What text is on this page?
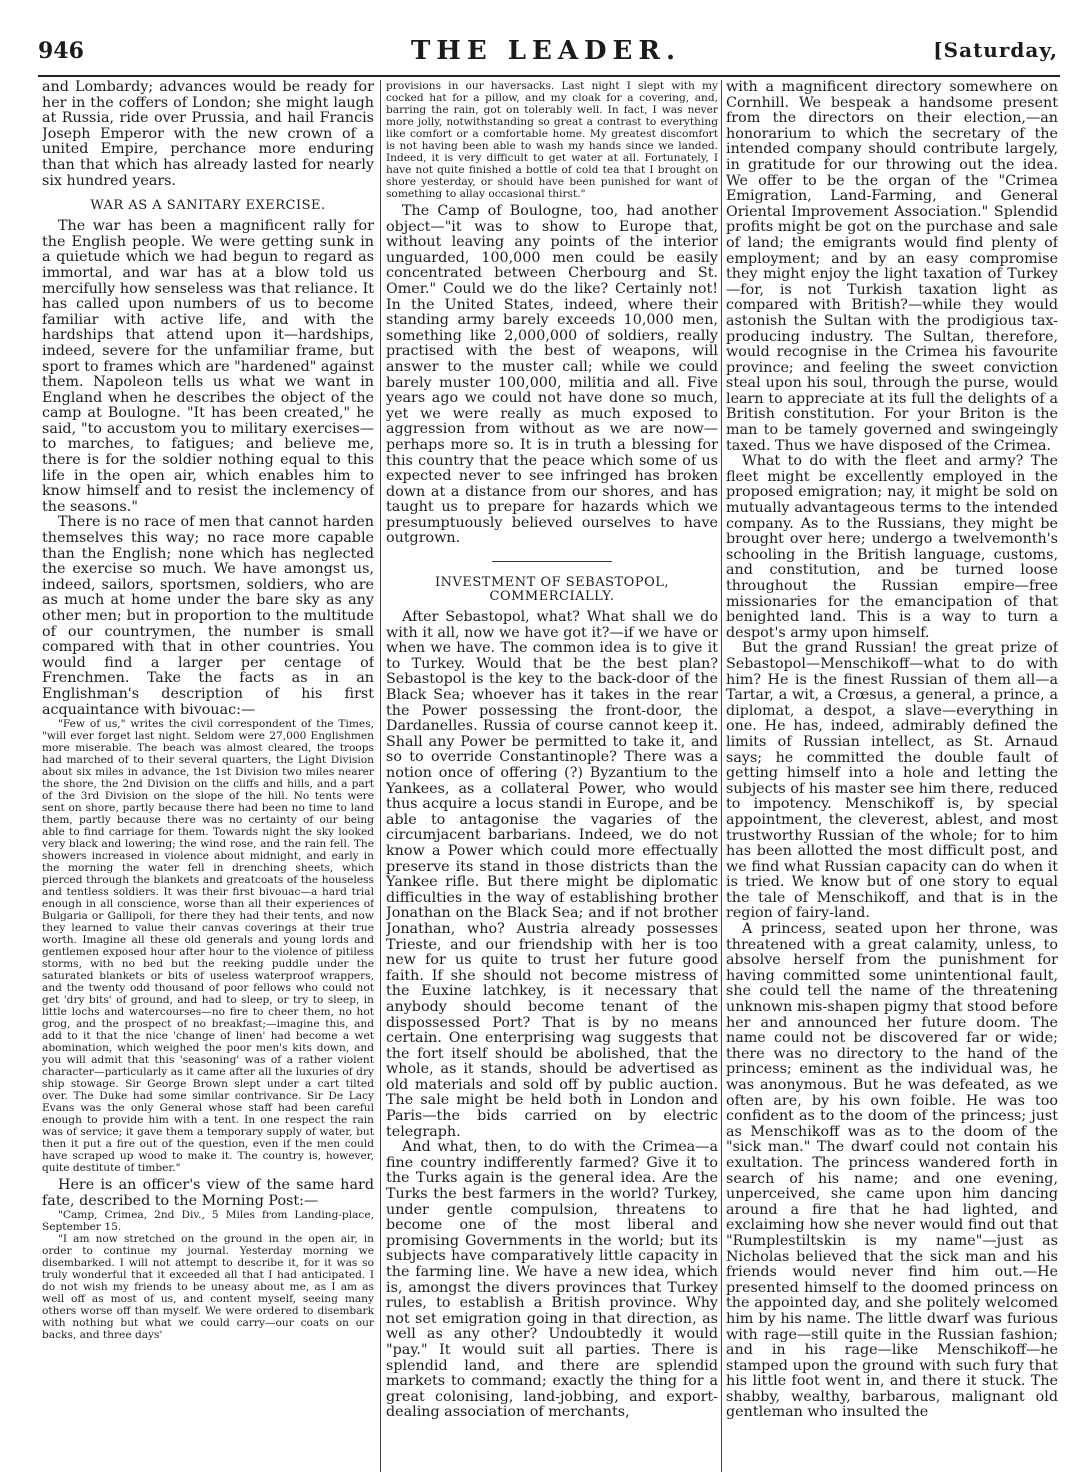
946	THE LEADER.	[Saturday,

and Lombardy; advances would be ready for her in the coffers of London; she might laugh at Russia, ride over Prussia, and hail Francis Joseph Emperor with the new crown of a united Empire, perchance more enduring than that which has already lasted for nearly six hundred years.

WAR AS A SANITARY EXERCISE.

The war has been a magnificent rally for the English people. We were getting sunk in a quietude which we had begun to regard as immortal, and war has at a blow told us mercifully how senseless was that reliance. It has called upon numbers of us to become familiar with active life, and with the hardships that attend upon it—hardships, indeed, severe for the unfamiliar frame, but sport to frames which are "hardened" against them. Napoleon tells us what we want in England when he describes the object of the camp at Boulogne. "It has been created," he said, "to accustom you to military exercises—to marches, to fatigues; and believe me, there is for the soldier nothing equal to this life in the open air, which enables him to know himself and to resist the inclemency of the seasons."

There is no race of men that cannot harden themselves this way; no race more capable than the English; none which has neglected the exercise so much. We have amongst us, indeed, sailors, sportsmen, soldiers, who are as much at home under the bare sky as any other men; but in proportion to the multitude of our countrymen, the number is small compared with that in other countries. You would find a larger per centage of Frenchmen. Take the facts as in an Englishman's description of his first acquaintance with bivouac:—

"Few of us," writes the civil correspondent of the Times, "will ever forget last night. Seldom were 27,000 Englishmen more miserable. The beach was almost cleared, the troops had marched of to their several quarters, the Light Division about six miles in advance, the 1st Division two miles nearer the shore, the 2nd Division on the cliffs and hills, and a part of the 3rd Division on the slope of the hill. No tents were sent on shore, partly because there had been no time to land them, partly because there was no certainty of our being able to find carriage for them. Towards night the sky looked very black and lowering; the wind rose, and the rain fell. The showers increased in violence about midnight, and early in the morning the water fell in drenching sheets, which pierced through the blankets and greatcoats of the houseless and tentless soldiers. It was their first bivouac—a hard trial enough in all conscience, worse than all their experiences of Bulgaria or Gallipoli, for there they had their tents, and now they learned to value their canvas coverings at their true worth. Imagine all these old generals and young lords and gentlemen exposed hour after hour to the violence of pitiless storms, with no bed but the reeking puddle under the saturated blankets or bits of useless waterproof wrappers, and the twenty odd thousand of poor fellows who could not get 'dry bits' of ground, and had to sleep, or try to sleep, in little lochs and watercourses—no fire to cheer them, no hot grog, and the prospect of no breakfast;—imagine this, and add to it that the nice 'change of linen' had become a wet abomination, which weighed the poor men's kits down, and you will admit that this 'seasoning' was of a rather violent character—particularly as it came after all the luxuries of dry ship stowage. Sir George Brown slept under a cart tilted over. The Duke had some similar contrivance. Sir De Lacy Evans was the only General whose staff had been careful enough to provide him with a tent. In one respect the rain was of service; it gave them a temporary supply of water, but then it put a fire out of the question, even if the men could have scraped up wood to make it. The country is, however, quite destitute of timber."

Here is an officer's view of the same hard fate, described to the Morning Post:—

"Camp, Crimea, 2nd Div., 5 Miles from Landing-place, September 15.

"I am now stretched on the ground in the open air, in order to continue my journal. Yesterday morning we disembarked. I will not attempt to describe it, for it was so truly wonderful that it exceeded all that I had anticipated. I do not wish my friends to be uneasy about me, as I am as well off as most of us, and content myself, seeing many others worse off than myself. We were ordered to disembark with nothing but what we could carry—our coats on our backs, and three days'

provisions in our haversacks. Last night I slept with my cocked hat for a pillow, and my cloak for a covering, and, barring the rain, got on tolerably well. In fact, I was never more jolly, notwithstanding so great a contrast to everything like comfort or a comfortable home. My greatest discomfort is not having been able to wash my hands since we landed. Indeed, it is very difficult to get water at all. Fortunately, I have not quite finished a bottle of cold tea that I brought on shore yesterday, or should have been punished for want of something to allay occasional thirst."

The Camp of Boulogne, too, had another object—"it was to show to Europe that, without leaving any points of the interior unguarded, 100,000 men could be easily concentrated between Cherbourg and St. Omer." Could we do the like? Certainly not! In the United States, indeed, where their standing army barely exceeds 10,000 men, something like 2,000,000 of soldiers, really practised with the best of weapons, will answer to the muster call; while we could barely muster 100,000, militia and all. Five years ago we could not have done so much, yet we were really as much exposed to aggression from without as we are now—perhaps more so. It is in truth a blessing for this country that the peace which some of us expected never to see infringed has broken down at a distance from our shores, and has taught us to prepare for hazards which we presumptuously believed ourselves to have outgrown.

INVESTMENT OF SEBASTOPOL, COMMERCIALLY.

After Sebastopol, what? What shall we do with it all, now we have got it?—if we have or when we have. The common idea is to give it to Turkey. Would that be the best plan? Sebastopol is the key to the back-door of the Black Sea; whoever has it takes in the rear the Power possessing the front-door, the Dardanelles. Russia of course cannot keep it. Shall any Power be permitted to take it, and so to override Constantinople? There was a notion once of offering (?) Byzantium to the Yankees, as a collateral Power, who would thus acquire a locus standi in Europe, and be able to antagonise the vagaries of the circumjacent barbarians. Indeed, we do not know a Power which could more effectually preserve its stand in those districts than the Yankee rifle. But there might be diplomatic difficulties in the way of establishing brother Jonathan on the Black Sea; and if not brother Jonathan, who? Austria already possesses Trieste, and our friendship with her is too new for us quite to trust her future good faith. If she should not become mistress of the Euxine latchkey, is it necessary that anybody should become tenant of the dispossessed Port? That is by no means certain. One enterprising wag suggests that the fort itself should be abolished, that the whole, as it stands, should be advertised as old materials and sold off by public auction. The sale might be held both in London and Paris—the bids carried on by electric telegraph.

And what, then, to do with the Crimea—a fine country indifferently farmed? Give it to the Turks again is the general idea. Are the Turks the best farmers in the world? Turkey, under gentle compulsion, threatens to become one of the most liberal and promising Governments in the world; but its subjects have comparatively little capacity in the farming line. We have a new idea, which is, amongst the divers provinces that Turkey rules, to establish a British province. Why not set emigration going in that direction, as well as any other? Undoubtedly it would "pay." It would suit all parties. There is splendid land, and there are splendid markets to command; exactly the thing for a great colonising, land-jobbing, and export-dealing association of merchants,

with a magnificent directory somewhere on Cornhill. We bespeak a handsome present from the directors on their election,—an honorarium to which the secretary of the intended company should contribute largely, in gratitude for our throwing out the idea. We offer to be the organ of the "Crimea Emigration, Land-Farming, and General Oriental Improvement Association." Splendid profits might be got on the purchase and sale of land; the emigrants would find plenty of employment; and by an easy compromise they might enjoy the light taxation of Turkey—for, is not Turkish taxation light as compared with British?—while they would astonish the Sultan with the prodigious tax-producing industry. The Sultan, therefore, would recognise in the Crimea his favourite province; and feeling the sweet conviction steal upon his soul, through the purse, would learn to appreciate at its full the delights of a British constitution. For your Briton is the man to be tamely governed and swingeingly taxed. Thus we have disposed of the Crimea.

What to do with the fleet and army? The fleet might be excellently employed in the proposed emigration; nay, it might be sold on mutually advantageous terms to the intended company. As to the Russians, they might be brought over here; undergo a twelvemonth's schooling in the British language, customs, and constitution, and be turned loose throughout the Russian empire—free missionaries for the emancipation of that benighted land. This is a way to turn a despot's army upon himself.

But the grand Russian! the great prize of Sebastopol—Menschikoff—what to do with him? He is the finest Russian of them all—a Tartar, a wit, a Crœsus, a general, a prince, a diplomat, a despot, a slave—everything in one. He has, indeed, admirably defined the limits of Russian intellect, as St. Arnaud says; he committed the double fault of getting himself into a hole and letting the subjects of his master see him there, reduced to impotency. Menschikoff is, by special appointment, the cleverest, ablest, and most trustworthy Russian of the whole; for to him has been allotted the most difficult post, and we find what Russian capacity can do when it is tried. We know but of one story to equal the tale of Menschikoff, and that is in the region of fairy-land.

A princess, seated upon her throne, was threatened with a great calamity, unless, to absolve herself from the punishment for having committed some unintentional fault, she could tell the name of the threatening unknown mis-shapen pigmy that stood before her and announced her future doom. The name could not be discovered far or wide; there was no directory to the hand of the princess; eminent as the individual was, he was anonymous. But he was defeated, as we often are, by his own foible. He was too confident as to the doom of the princess; just as Menschikoff was as to the doom of the "sick man." The dwarf could not contain his exultation. The princess wandered forth in search of his name; and one evening, unperceived, she came upon him dancing around a fire that he had lighted, and exclaiming how she never would find out that "Rumplestiltskin is my name"—just as Nicholas believed that the sick man and his friends would never find him out.—He presented himself to the doomed princess on the appointed day, and she politely welcomed him by his name. The little dwarf was furious with rage—still quite in the Russian fashion; and in his rage—like Menschikoff—he stamped upon the ground with such fury that his little foot went in, and there it stuck. The shabby, wealthy, barbarous, malignant old gentleman who insulted the
